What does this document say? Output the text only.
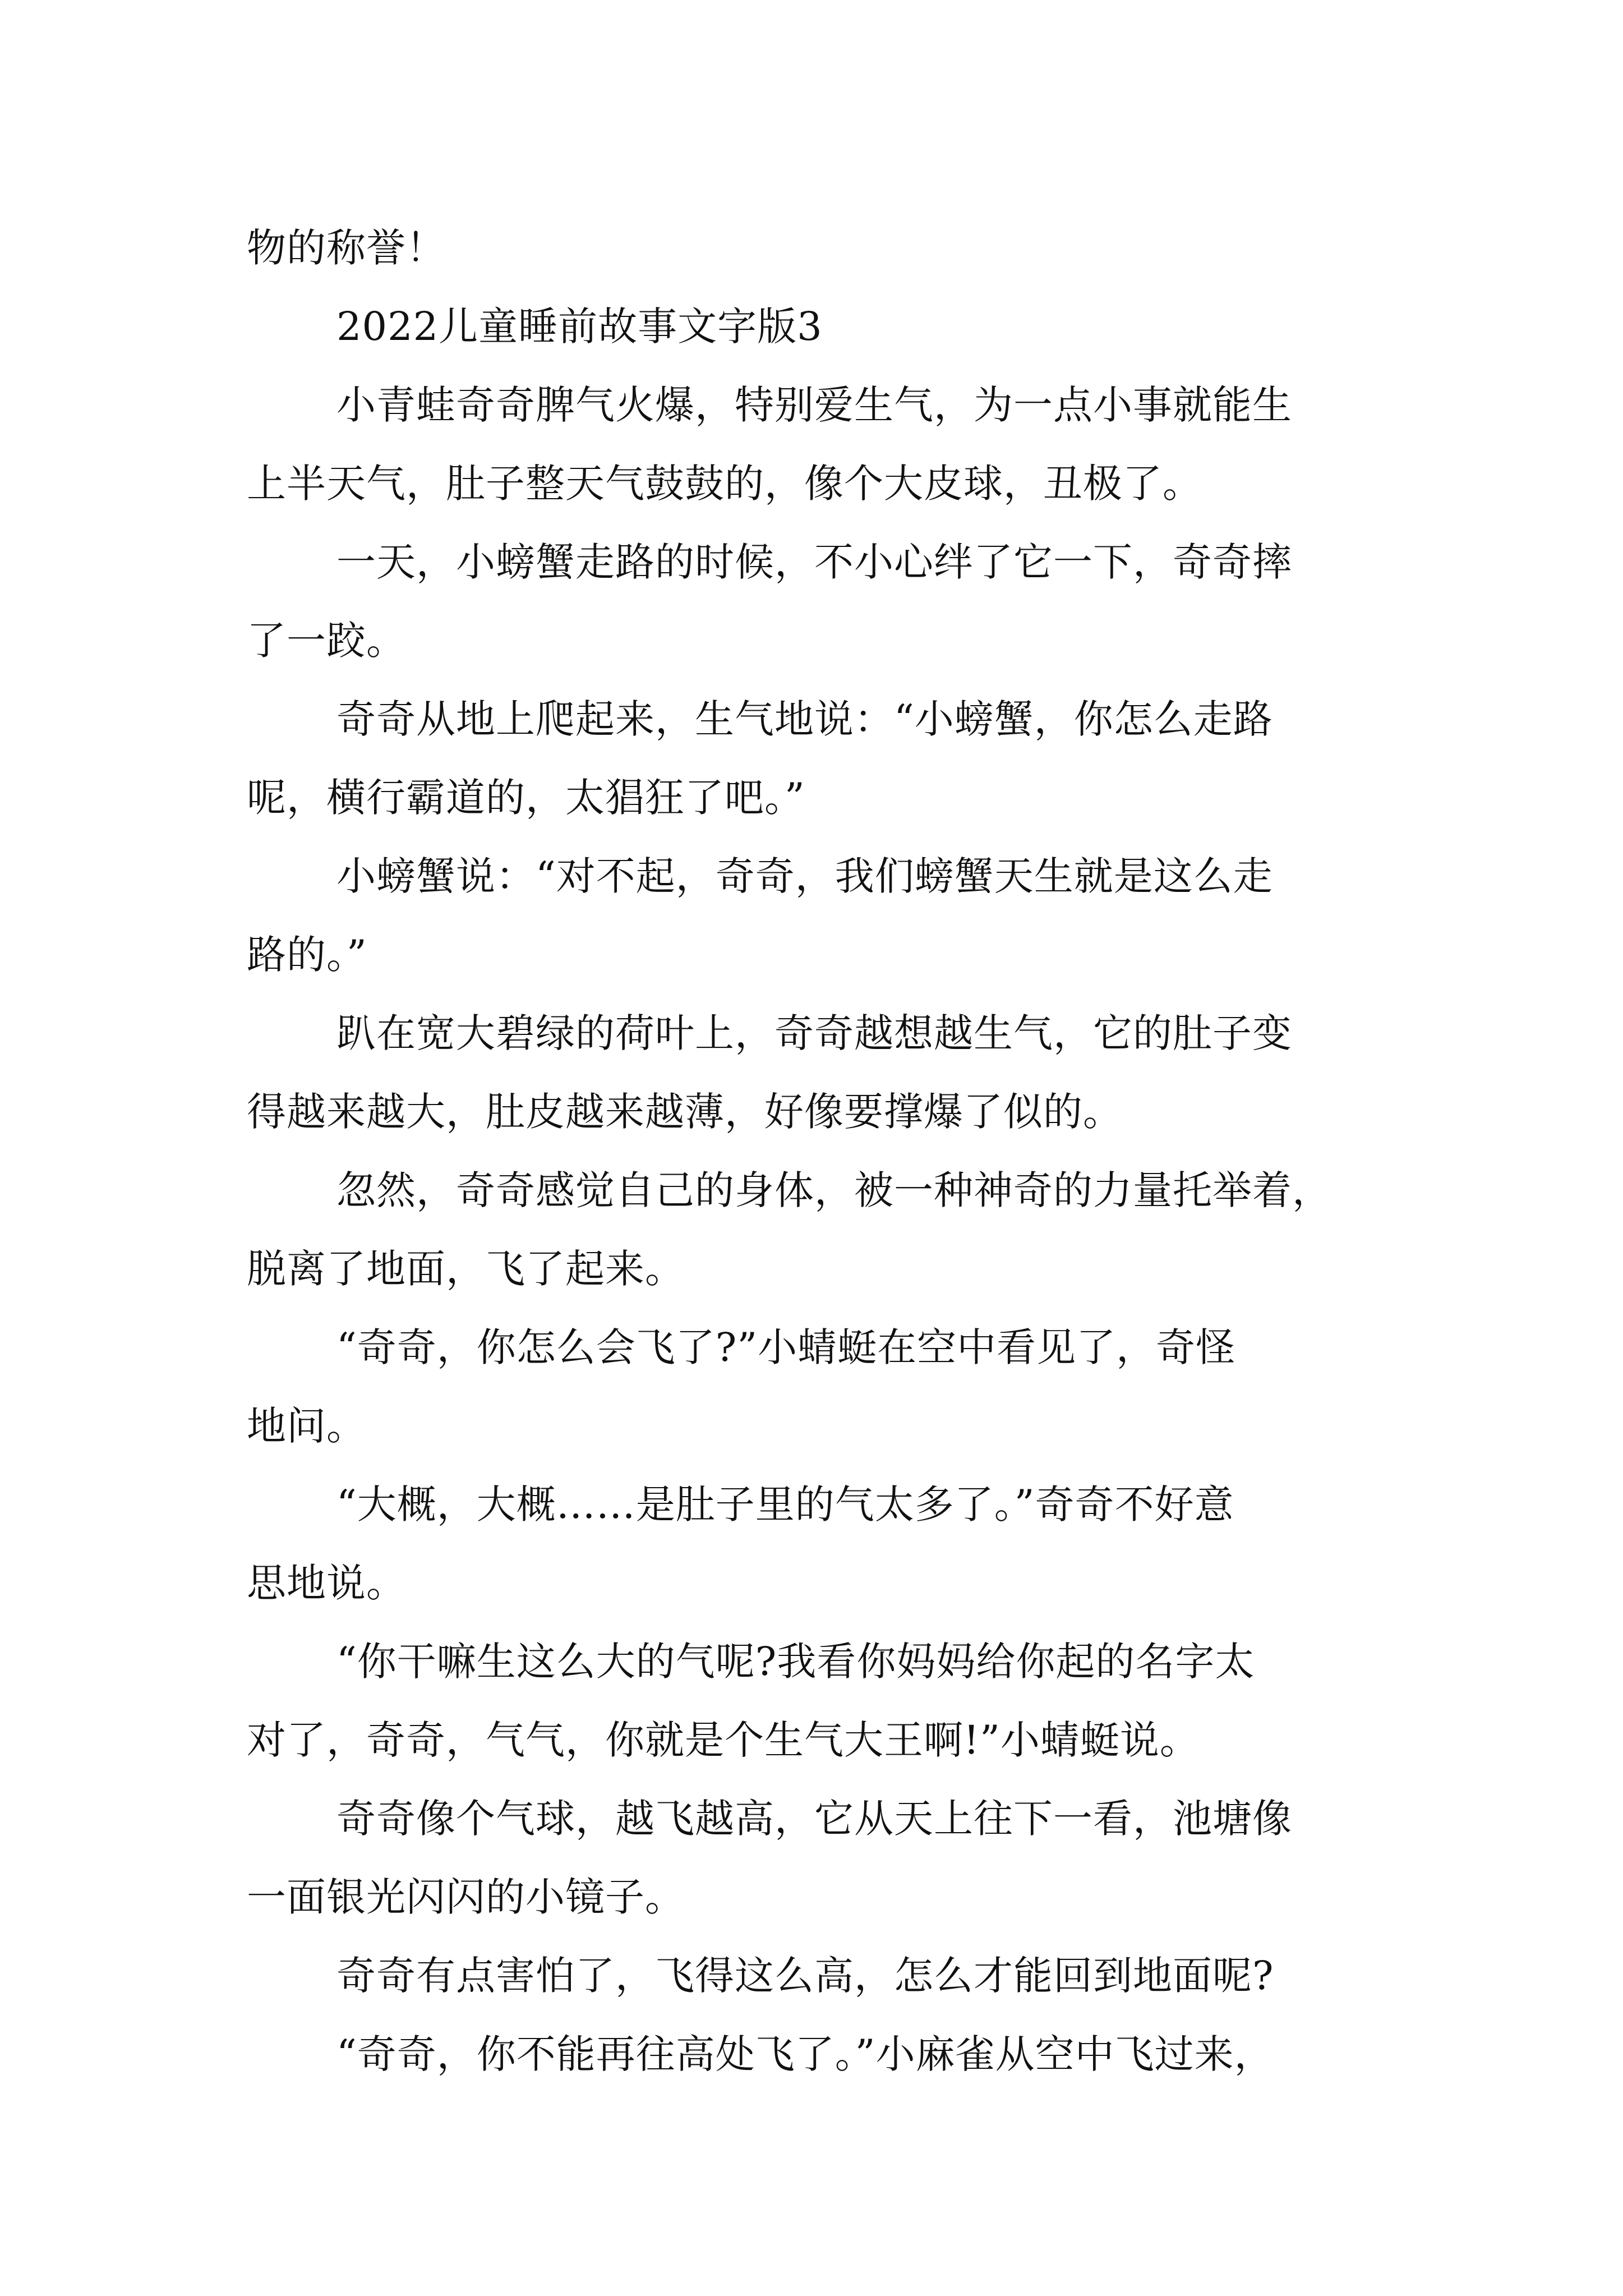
物的称誉！
2022儿童睡前故事文字版3
小青蛙奇奇脾气火爆，特别爱生气，为一点小事就能生
上半天气，肚子整天气鼓鼓的，像个大皮球，丑极了。
一天，小螃蟹走路的时候，不小心绊了它一下，奇奇摔
了一跤。
奇奇从地上爬起来，生气地说：“小螃蟹，你怎么走路
呢，横行霸道的，太猖狂了吧。”
小螃蟹说：“对不起，奇奇，我们螃蟹天生就是这么走
路的。”
趴在宽大碧绿的荷叶上，奇奇越想越生气，它的肚子变
得越来越大，肚皮越来越薄，好像要撑爆了似的。
忽然，奇奇感觉自己的身体，被一种神奇的力量托举着，
脱离了地面，飞了起来。
“奇奇，你怎么会飞了?”小蜻蜓在空中看见了，奇怪
地问。
“大概，大概……是肚子里的气太多了。”奇奇不好意
思地说。
“你干嘛生这么大的气呢?我看你妈妈给你起的名字太
对了，奇奇，气气，你就是个生气大王啊!”小蜻蜓说。
奇奇像个气球，越飞越高，它从天上往下一看，池塘像
一面银光闪闪的小镜子。
奇奇有点害怕了，飞得这么高，怎么才能回到地面呢?
“奇奇，你不能再往高处飞了。”小麻雀从空中飞过来，
